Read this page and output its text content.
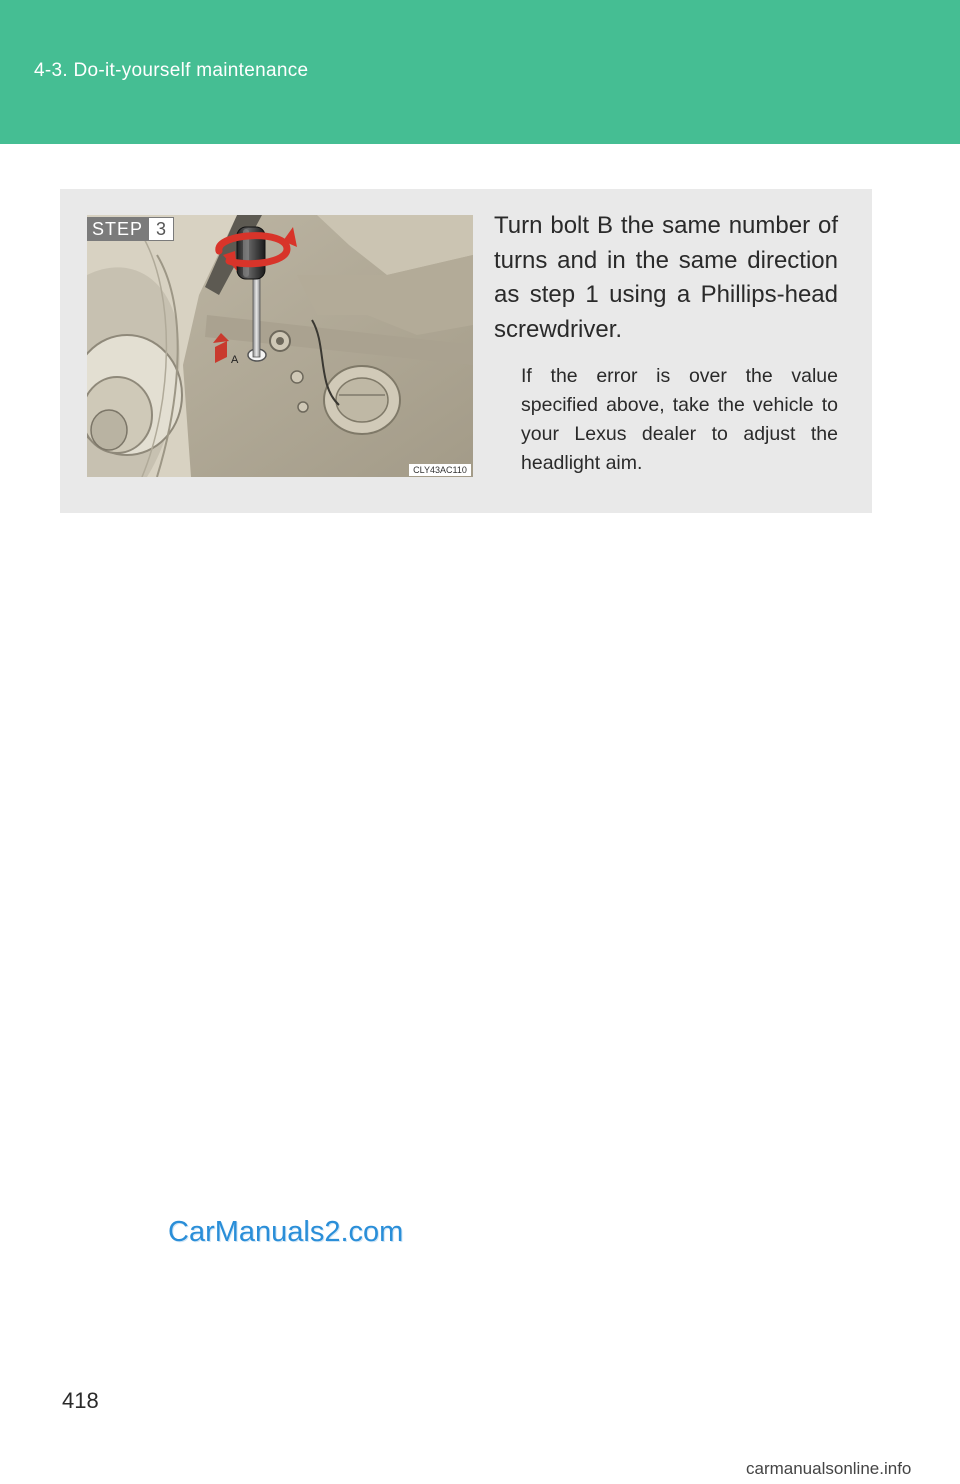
4-3. Do-it-yourself maintenance
A
STEP 3
CLY43AC110

Turn bolt B the same number of turns and in the same direction as step 1 using a Phillips-head screwdriver.

If the error is over the value specified above, take the vehicle to your Lexus dealer to adjust the headlight aim.

CarManuals2.com
418
carmanualsonline.info
